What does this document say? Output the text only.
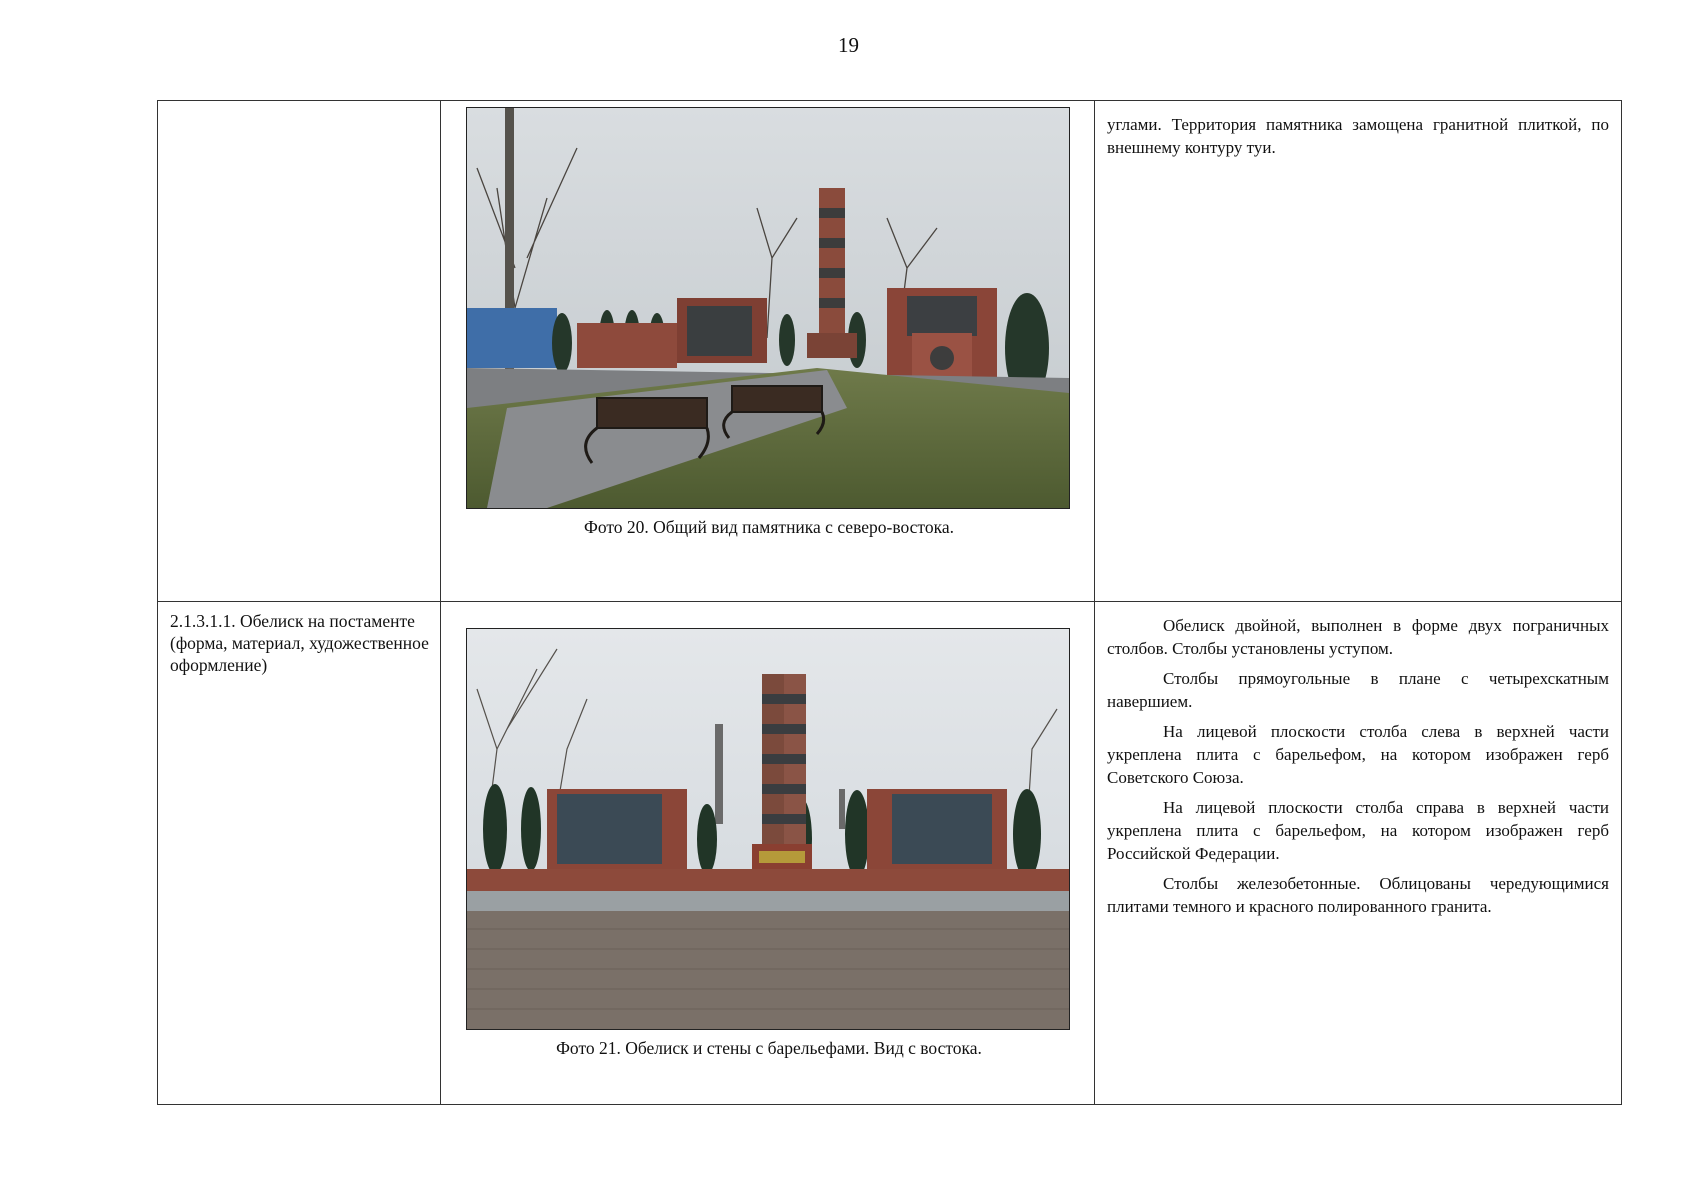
19

	Фото 20. Общий вид памятника с северо-востока.	углами. Территория памятника замощена гранитной плиткой, по внешнему контуру туи.

2.1.3.1.1. Обелиск на постаменте (форма, материал, художественное оформление)	Фото 21. Обелиск и стены с барельефами. Вид с востока.	Обелиск двойной, выполнен в форме двух пограничных столбов. Столбы установлены уступом.

Столбы прямоугольные в плане с четырехскатным навершием.

На лицевой плоскости столба слева в верхней части укреплена плита с барельефом, на котором изображен герб Советского Союза.

На лицевой плоскости столба справа в верхней части укреплена плита с барельефом, на котором изображен герб Российской Федерации.

Столбы железобетонные. Облицованы чередующимися плитами темного и красного полированного гранита.
